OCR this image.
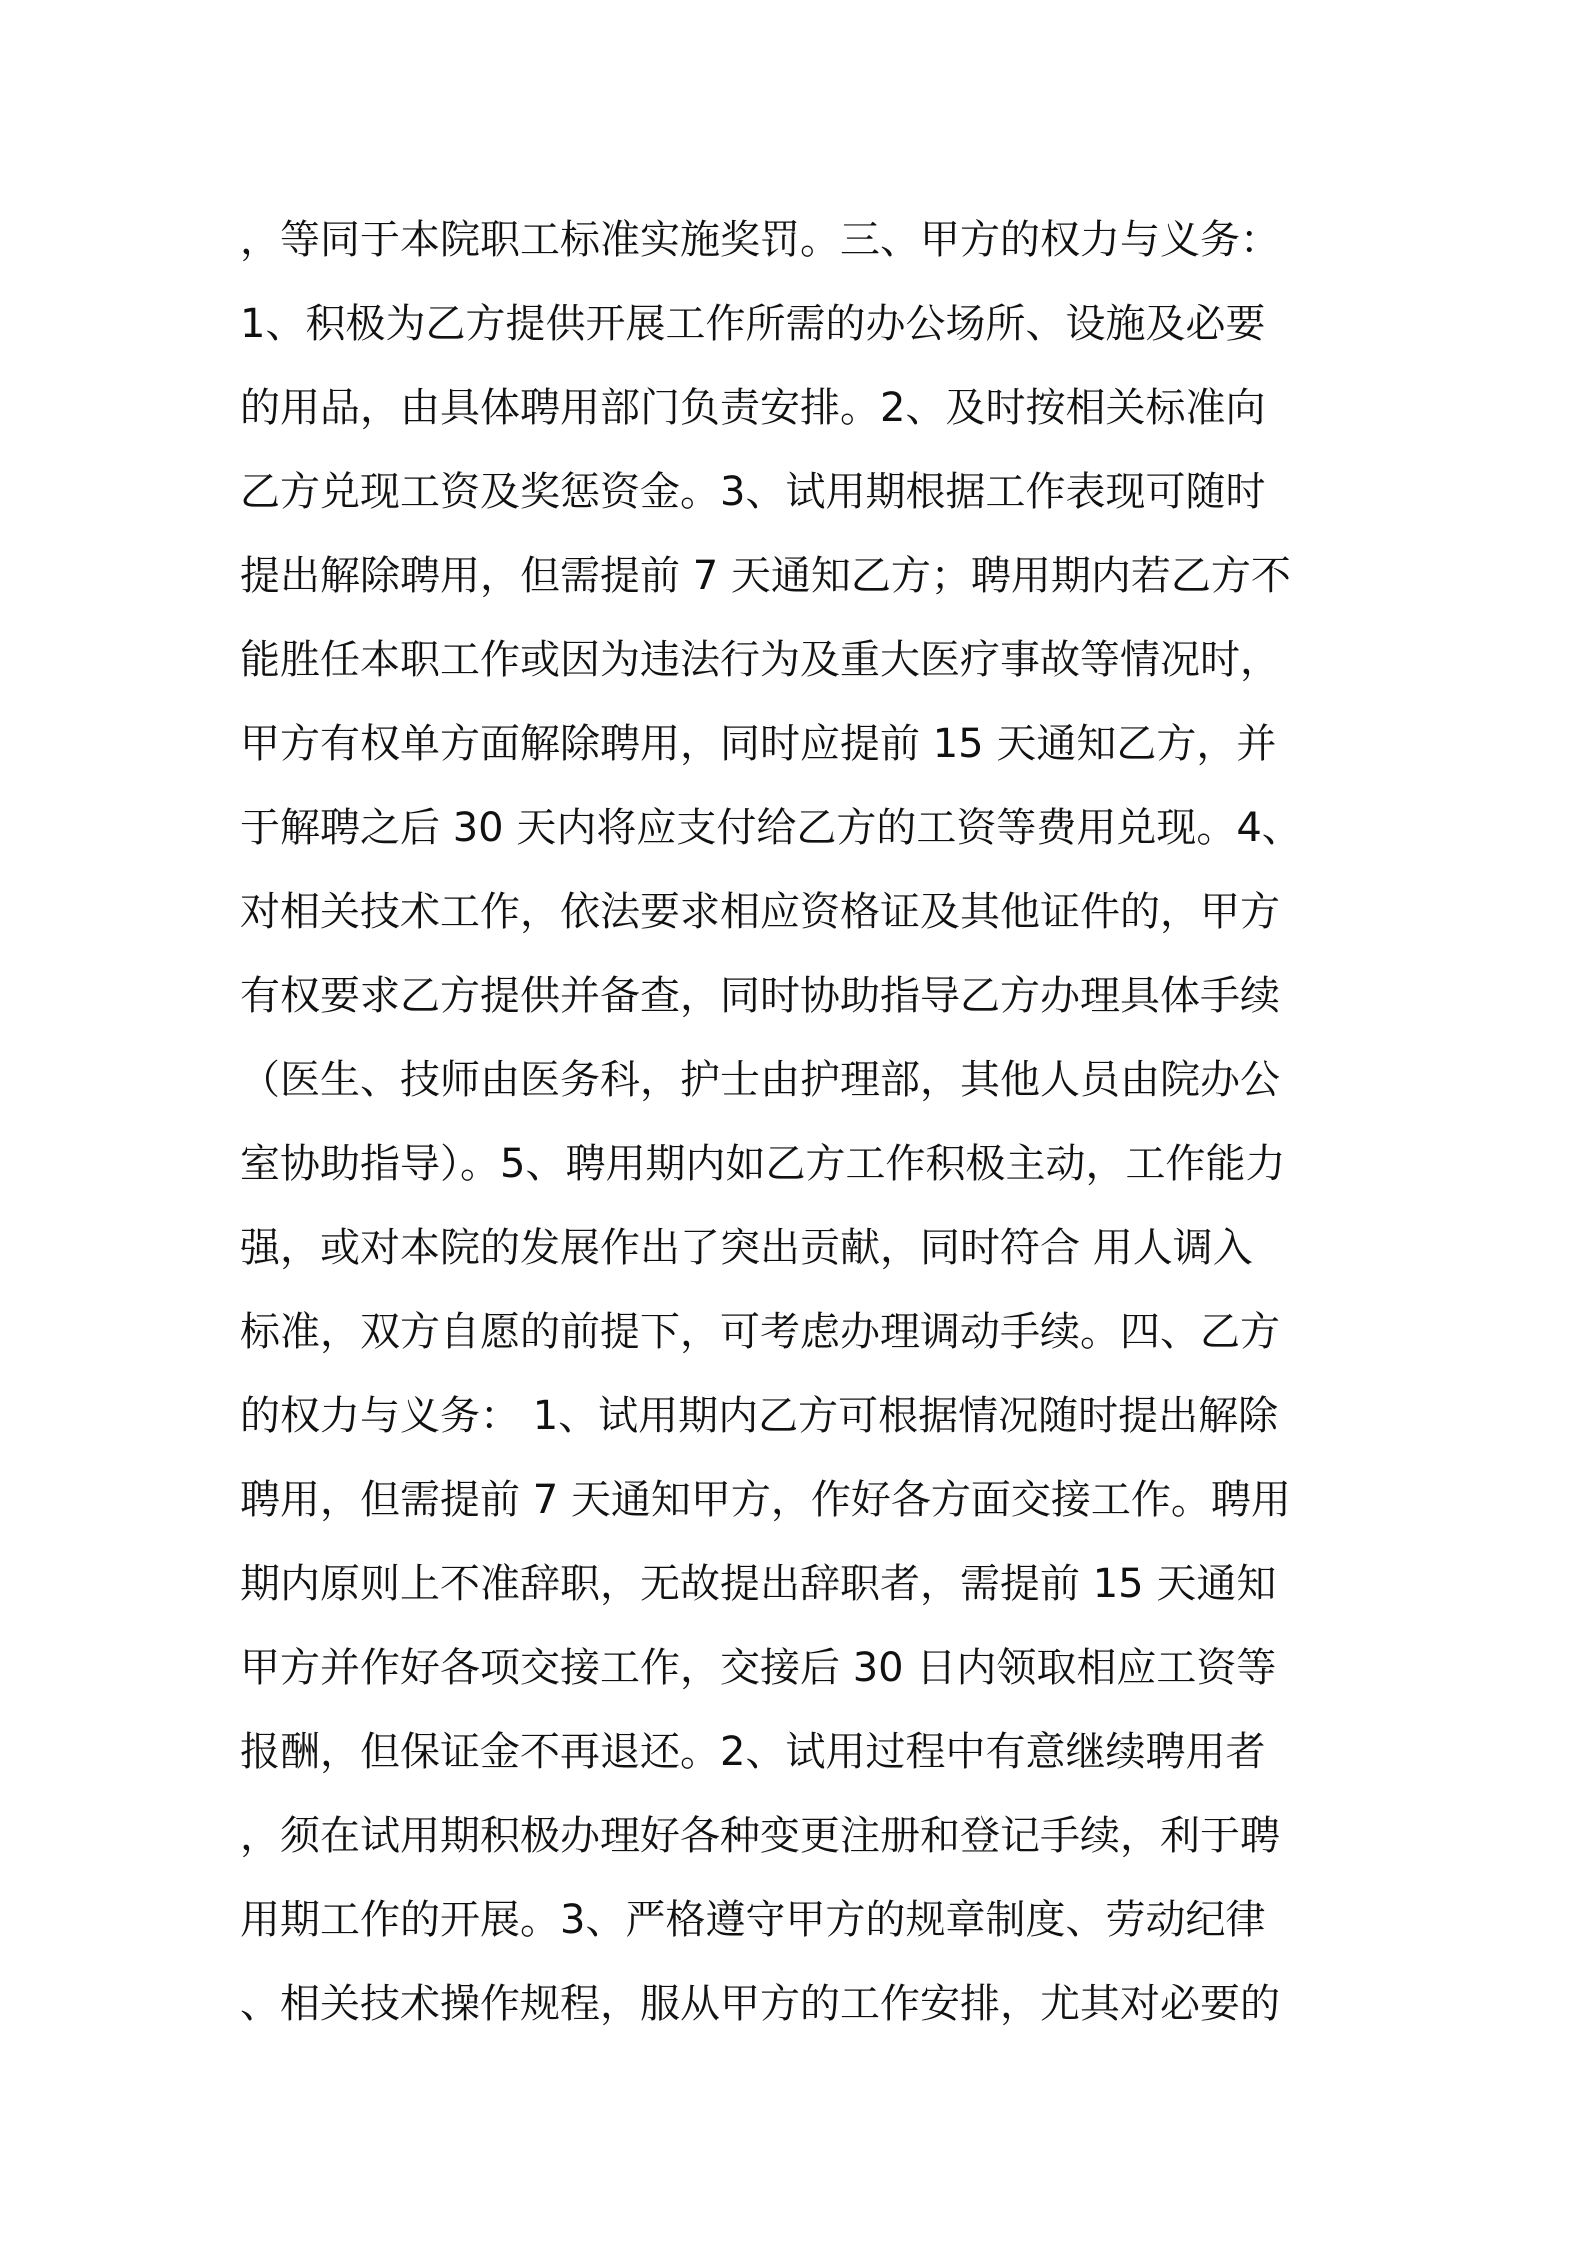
，等同于本院职工标准实施奖罚。三、甲方的权力与义务：
1、积极为乙方提供开展工作所需的办公场所、设施及必要
的用品，由具体聘用部门负责安排。2、及时按相关标准向
乙方兑现工资及奖惩资金。3、试用期根据工作表现可随时
提出解除聘用，但需提前 7 天通知乙方；聘用期内若乙方不
能胜任本职工作或因为违法行为及重大医疗事故等情况时，
甲方有权单方面解除聘用，同时应提前 15 天通知乙方，并
于解聘之后 30 天内将应支付给乙方的工资等费用兑现。4、
对相关技术工作，依法要求相应资格证及其他证件的，甲方
有权要求乙方提供并备查，同时协助指导乙方办理具体手续
（医生、技师由医务科，护士由护理部，其他人员由院办公
室协助指导）。5、聘用期内如乙方工作积极主动，工作能力
强，或对本院的发展作出了突出贡献，同时符合 用人调入
标准，双方自愿的前提下，可考虑办理调动手续。四、乙方
的权力与义务： 1、试用期内乙方可根据情况随时提出解除
聘用，但需提前 7 天通知甲方，作好各方面交接工作。聘用
期内原则上不准辞职，无故提出辞职者，需提前 15 天通知
甲方并作好各项交接工作，交接后 30 日内领取相应工资等
报酬，但保证金不再退还。2、试用过程中有意继续聘用者
，须在试用期积极办理好各种变更注册和登记手续，利于聘
用期工作的开展。3、严格遵守甲方的规章制度、劳动纪律
、相关技术操作规程，服从甲方的工作安排，尤其对必要的
